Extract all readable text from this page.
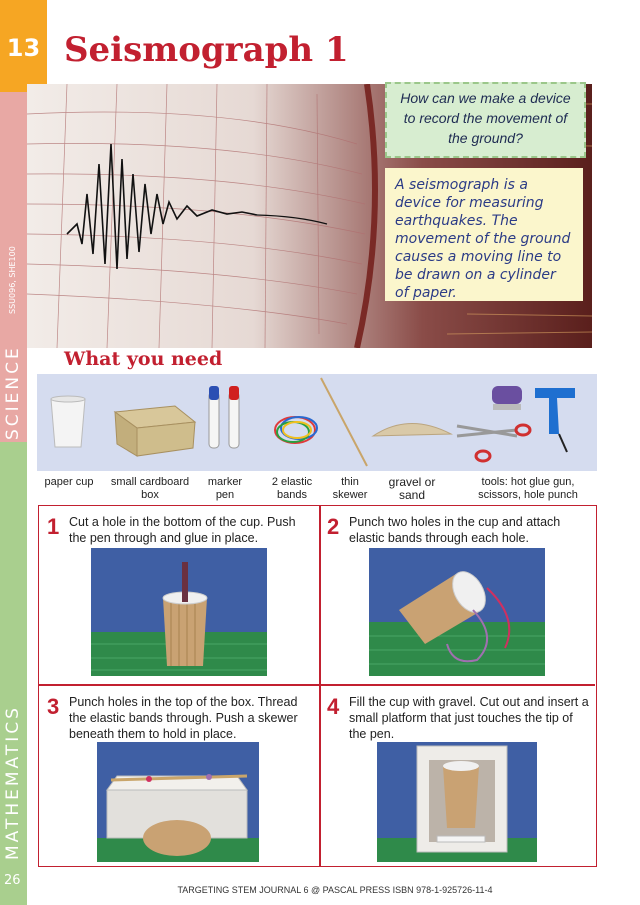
13
SCIENCE
SSU096, SHE100
MATHEMATICS
26
Seismograph 1
How can we make a device to record the movement of the ground?
A seismograph is a device for measuring earthquakes. The movement of the ground causes a moving line to be drawn on a cylinder of paper.
What you need
paper cup	small cardboard box
marker pen
2 elastic bands
thin skewer
gravel or sand
tools: hot glue gun, scissors, hole punch
1 Cut a hole in the bottom of the cup. Push the pen through and glue in place.	2 Punch two holes in the cup and attach elastic bands through each hole.
3 Punch holes in the top of the box. Thread the elastic bands through. Push a skewer beneath them to hold in place.
4 Fill the cup with gravel. Cut out and insert a small platform that just touches the tip of the pen.
TARGETING STEM JOURNAL 6 @ PASCAL PRESS ISBN 978-1-925726-11-4
